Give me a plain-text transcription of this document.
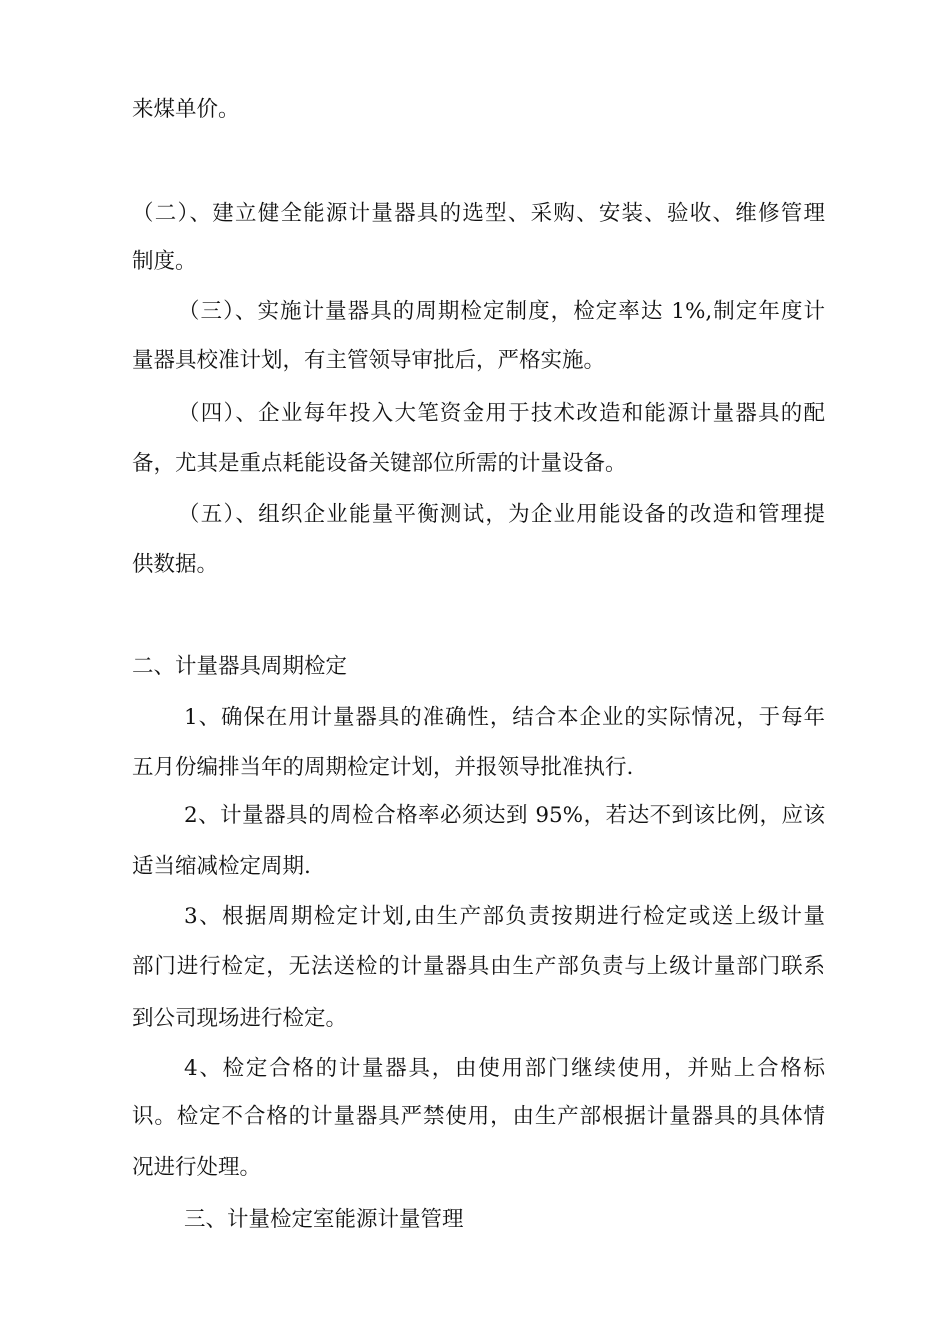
来煤单价。
（二）、建立健全能源计量器具的选型、采购、安装、验收、维修管理
制度。
（三）、实施计量器具的周期检定制度，检定率达 1%,制定年度计
量器具校准计划，有主管领导审批后，严格实施。
（四）、企业每年投入大笔资金用于技术改造和能源计量器具的配
备，尤其是重点耗能设备关键部位所需的计量设备。
（五）、组织企业能量平衡测试，为企业用能设备的改造和管理提
供数据。
二、计量器具周期检定
1、确保在用计量器具的准确性，结合本企业的实际情况，于每年
五月份编排当年的周期检定计划，并报领导批准执行.
2、计量器具的周检合格率必须达到 95%，若达不到该比例，应该
适当缩减检定周期.
3、根据周期检定计划,由生产部负责按期进行检定或送上级计量
部门进行检定，无法送检的计量器具由生产部负责与上级计量部门联系
到公司现场进行检定。
4、检定合格的计量器具，由使用部门继续使用，并贴上合格标
识。检定不合格的计量器具严禁使用，由生产部根据计量器具的具体情
况进行处理。
三、计量检定室能源计量管理
